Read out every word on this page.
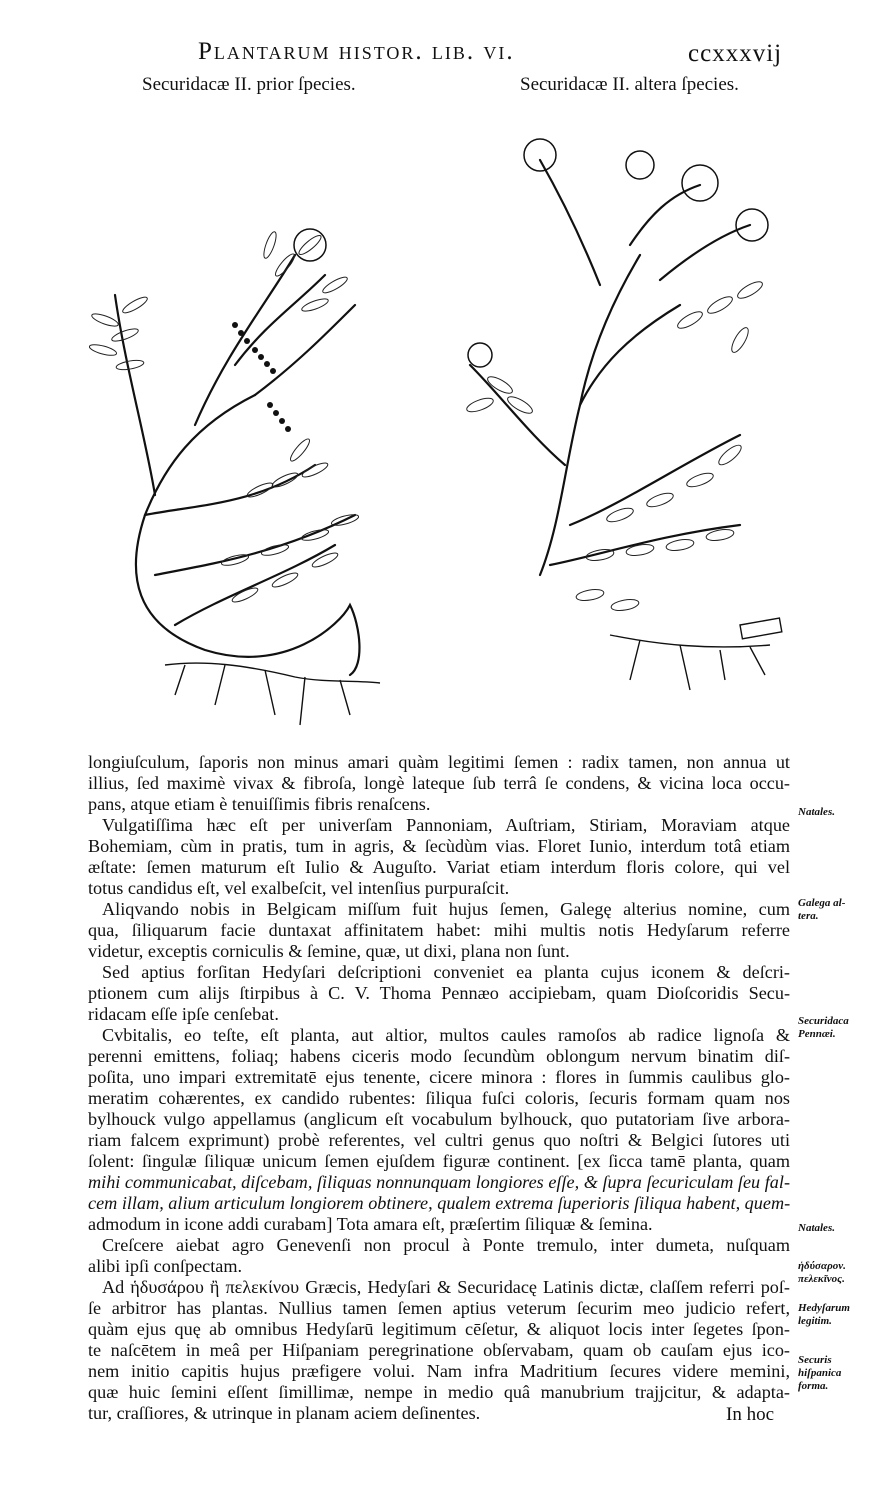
Plantarum histor. lib. vi.	ccxxxvij
Securidacæ II. prior ſpecies.	Securidacæ II. altera ſpecies.
longiuſculum, ſaporis non minus amari quàm legitimi ſemen : radix tamen, non annua ut
illius, ſed maximè vivax & fibroſa, longè lateque ſub terrâ ſe condens, & vicina loca occu-
pans, atque etiam è tenuiſſimis fibris renaſcens.
Vulgatiſſima hæc eſt per univerſam Pannoniam, Auſtriam, Stiriam, Moraviam atque
Bohemiam, cùm in pratis, tum in agris, & ſecùdùm vias. Floret Iunio, interdum totâ etiam
æſtate: ſemen maturum eſt Iulio & Auguſto. Variat etiam interdum floris colore, qui vel
totus candidus eſt, vel exalbeſcit, vel intenſius purpuraſcit.
Aliqvando nobis in Belgicam miſſum fuit hujus ſemen, Galegę alterius nomine, cum
qua, ſiliquarum facie duntaxat affinitatem habet: mihi multis notis Hedyſarum referre
videtur, exceptis corniculis & ſemine, quæ, ut dixi, plana non ſunt.
Sed aptius forſitan Hedyſari deſcriptioni conveniet ea planta cujus iconem & deſcri-
ptionem cum alijs ſtirpibus à C. V. Thoma Pennæo accipiebam, quam Dioſcoridis Secu-
ridacam eſſe ipſe cenſebat.
Cvbitalis, eo teſte, eſt planta, aut altior, multos caules ramoſos ab radice lignoſa &
perenni emittens, foliaq; habens ciceris modo ſecundùm oblongum nervum binatim diſ-
poſita, uno impari extremitatē ejus tenente, cicere minora : flores in ſummis caulibus glo-
meratim cohærentes, ex candido rubentes: ſiliqua fuſci coloris, ſecuris formam quam nos
bylhouck vulgo appellamus (anglicum eſt vocabulum bylhouck, quo putatoriam ſive arbora-
riam falcem exprimunt) probè referentes, vel cultri genus quo noſtri & Belgici ſutores uti
ſolent: ſingulæ ſiliquæ unicum ſemen ejuſdem figuræ continent. [ex ſicca tamē planta, quam
mihi communicabat, diſcebam, ſiliquas nonnunquam longiores eſſe, & ſupra ſecuriculam ſeu fal-
cem illam, alium articulum longiorem obtinere, qualem extrema ſuperioris ſiliqua habent, quem-
admodum in icone addi curabam] Tota amara eſt, præſertim ſiliquæ & ſemina.
Creſcere aiebat agro Genevenſi non procul à Ponte tremulo, inter dumeta, nuſquam
alibi ipſi conſpectam.
Ad ἡδυσάρου ἢ πελεκίνου Græcis, Hedyſari & Securidacę Latinis dictæ, claſſem referri poſ-
ſe arbitror has plantas. Nullius tamen ſemen aptius veterum ſecurim meo judicio refert,
quàm ejus quę ab omnibus Hedyſarū legitimum cēſetur, & aliquot locis inter ſegetes ſpon-
te naſcētem in meâ per Hiſpaniam peregrinatione obſervabam, quam ob cauſam ejus ico-
nem initio capitis hujus præfigere volui. Nam infra Madritium ſecures videre memini,
quæ huic ſemini eſſent ſimillimæ, nempe in medio quâ manubrium trajjcitur, & adapta-
tur, craſſiores, & utrinque in planam aciem deſinentes.
Natales.
Galega al-tera.
Securidaca Pennæi.
Natales.
ἡδύσαρον. πελεκῖνος.
Hedyſarum legitim.
Securis hiſpanica forma.
In hoc
